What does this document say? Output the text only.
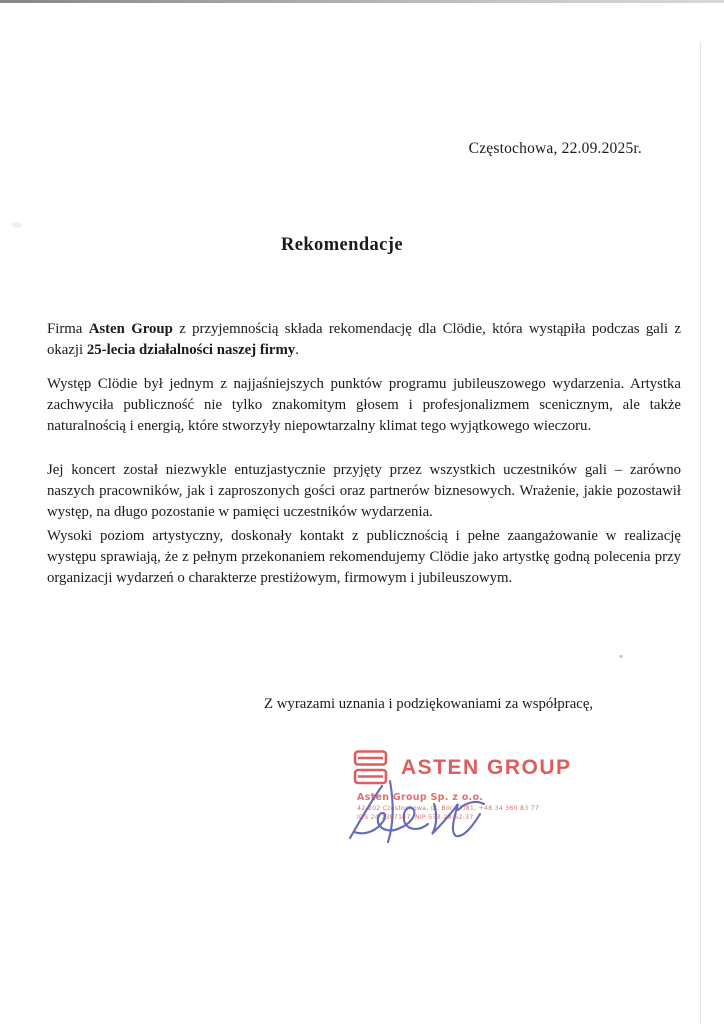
Częstochowa, 22.09.2025r.
Rekomendacje

Firma Asten Group z przyjemnością składa rekomendację dla Clödie, która wystąpiła podczas gali z okazji 25-lecia działalności naszej firmy.

Występ Clödie był jednym z najjaśniejszych punktów programu jubileuszowego wydarzenia. Artystka zachwyciła publiczność nie tylko znakomitym głosem i profesjonalizmem scenicznym, ale także naturalnością i energią, które stworzyły niepowtarzalny klimat tego wyjątkowego wieczoru.

Jej koncert został niezwykle entuzjastycznie przyjęty przez wszystkich uczestników gali – zarówno naszych pracowników, jak i zaproszonych gości oraz partnerów biznesowych. Wrażenie, jakie pozostawił występ, na długo pozostanie w pamięci uczestników wydarzenia.

Wysoki poziom artystyczny, doskonały kontakt z publicznością i pełne zaangażowanie w realizację występu sprawiają, że z pełnym przekonaniem rekomendujemy Clödie jako artystkę godną polecenia przy organizacji wydarzeń o charakterze prestiżowym, firmowym i jubileuszowym.

Z wyrazami uznania i podziękowaniami za współpracę,
ASTEN GROUP
Asten Group Sp. z o.o.
42-202 Częstochowa, ul. Bór 77/81, +48 34 360 83 77
IDS 24 1387147, NIP 573-28-62-37
